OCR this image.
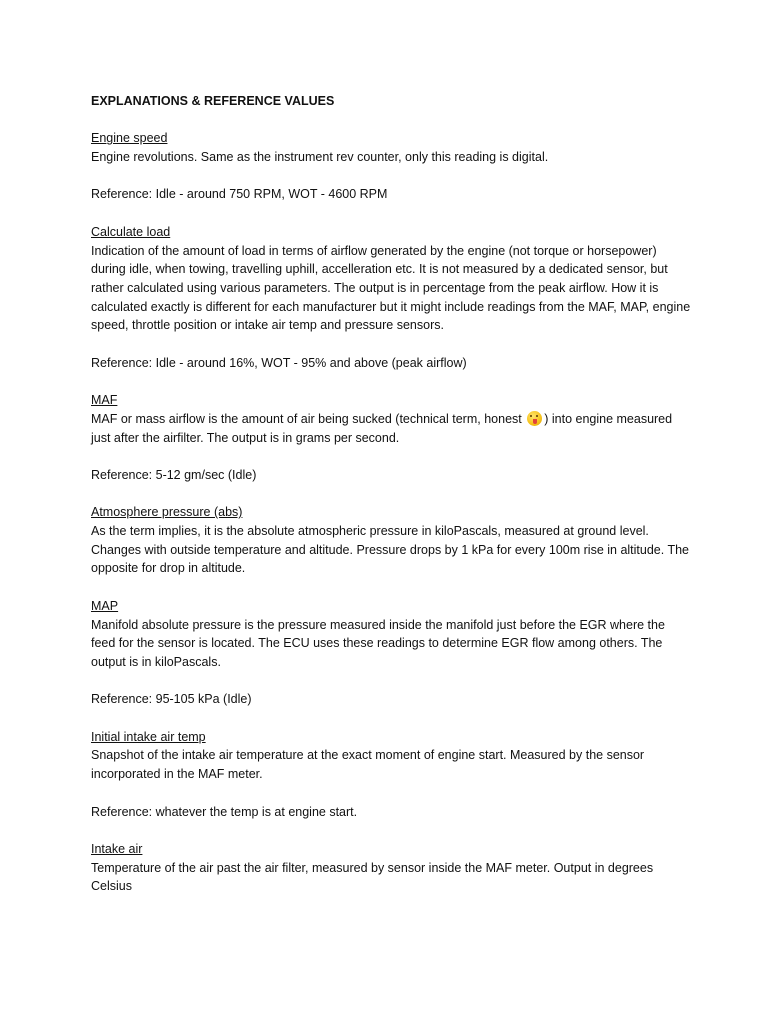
EXPLANATIONS & REFERENCE VALUES
Engine speed
Engine revolutions. Same as the instrument rev counter, only this reading is digital.
Reference: Idle - around 750 RPM, WOT - 4600 RPM
Calculate load
Indication of the amount of load in terms of airflow generated by the engine (not torque or horsepower) during idle, when towing, travelling uphill, accelleration etc. It is not measured by a dedicated sensor, but rather calculated using various parameters. The output is in percentage from the peak airflow. How it is calculated exactly is different for each manufacturer but it might include readings from the MAF, MAP, engine speed, throttle position or intake air temp and pressure sensors.
Reference: Idle - around 16%, WOT - 95% and above (peak airflow)
MAF
MAF or mass airflow is the amount of air being sucked (technical term, honest ) into engine measured just after the airfilter. The output is in grams per second.
Reference: 5-12 gm/sec (Idle)
Atmosphere pressure (abs)
As the term implies, it is the absolute atmospheric pressure in kiloPascals, measured at ground level. Changes with outside temperature and altitude. Pressure drops by 1 kPa for every 100m rise in altitude. The opposite for drop in altitude.
MAP
Manifold absolute pressure is the pressure measured inside the manifold just before the EGR where the feed for the sensor is located. The ECU uses these readings to determine EGR flow among others. The output is in kiloPascals.
Reference: 95-105 kPa (Idle)
Initial intake air temp
Snapshot of the intake air temperature at the exact moment of engine start. Measured by the sensor incorporated in the MAF meter.
Reference: whatever the temp is at engine start.
Intake air
Temperature of the air past the air filter, measured by sensor inside the MAF meter. Output in degrees Celsius
